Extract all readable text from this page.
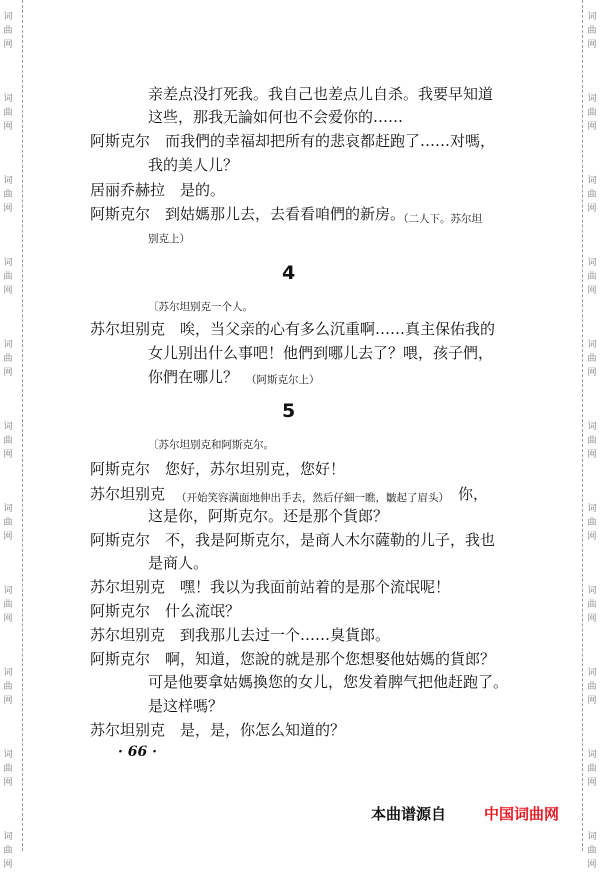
词
曲
网
词
曲
网
词
曲
网
词
曲
网
词
曲
网
词
曲
网
词
曲
网
词
曲
网
词
曲
网
词
曲
网
词
曲
网
词
曲
网
词
曲
网
词
曲
网
词
曲
网
词
曲
网
词
曲
网
词
曲
网
词
曲
网
词
曲
网
词
曲
网
词
曲
网
亲差点没打死我。我自己也差点儿自杀。我要早知道
这些，那我无論如何也不会爱你的……
阿斯克尔　而我們的幸福却把所有的悲哀都赶跑了……对嗎，
我的美人儿？
居丽乔赫拉　是的。
阿斯克尔　到姑媽那儿去，去看看咱們的新房。
（二人下。苏尔坦
别克上）
4
〔苏尔坦别克一个人。
苏尔坦别克　唉，当父亲的心有多么沉重啊……真主保佑我的
女儿别出什么事吧！他們到哪儿去了？喂，孩子們，
你們在哪儿？ （阿斯克尔上）
5
〔苏尔坦别克和阿斯克尔。
阿斯克尔　您好，苏尔坦别克，您好！
苏尔坦别克 （开始笑容满面地伸出手去，然后仔細一瞧，皺起了眉头） 你，
这是你，阿斯克尔。还是那个貨郎？
阿斯克尔　不，我是阿斯克尔，是商人木尔薩勒的儿子，我也
是商人。
苏尔坦别克　嘿！我以为我面前站着的是那个流氓呢！
阿斯克尔　什么流氓？
苏尔坦别克　到我那儿去过一个……臭貨郎。
阿斯克尔　啊，知道，您說的就是那个您想娶他姑媽的貨郎？
可是他要拿姑媽換您的女儿，您发着脾气把他赶跑了。
是这样嗎？
苏尔坦别克　是，是，你怎么知道的？
· 66 ·
本曲谱源自	中国词曲网
